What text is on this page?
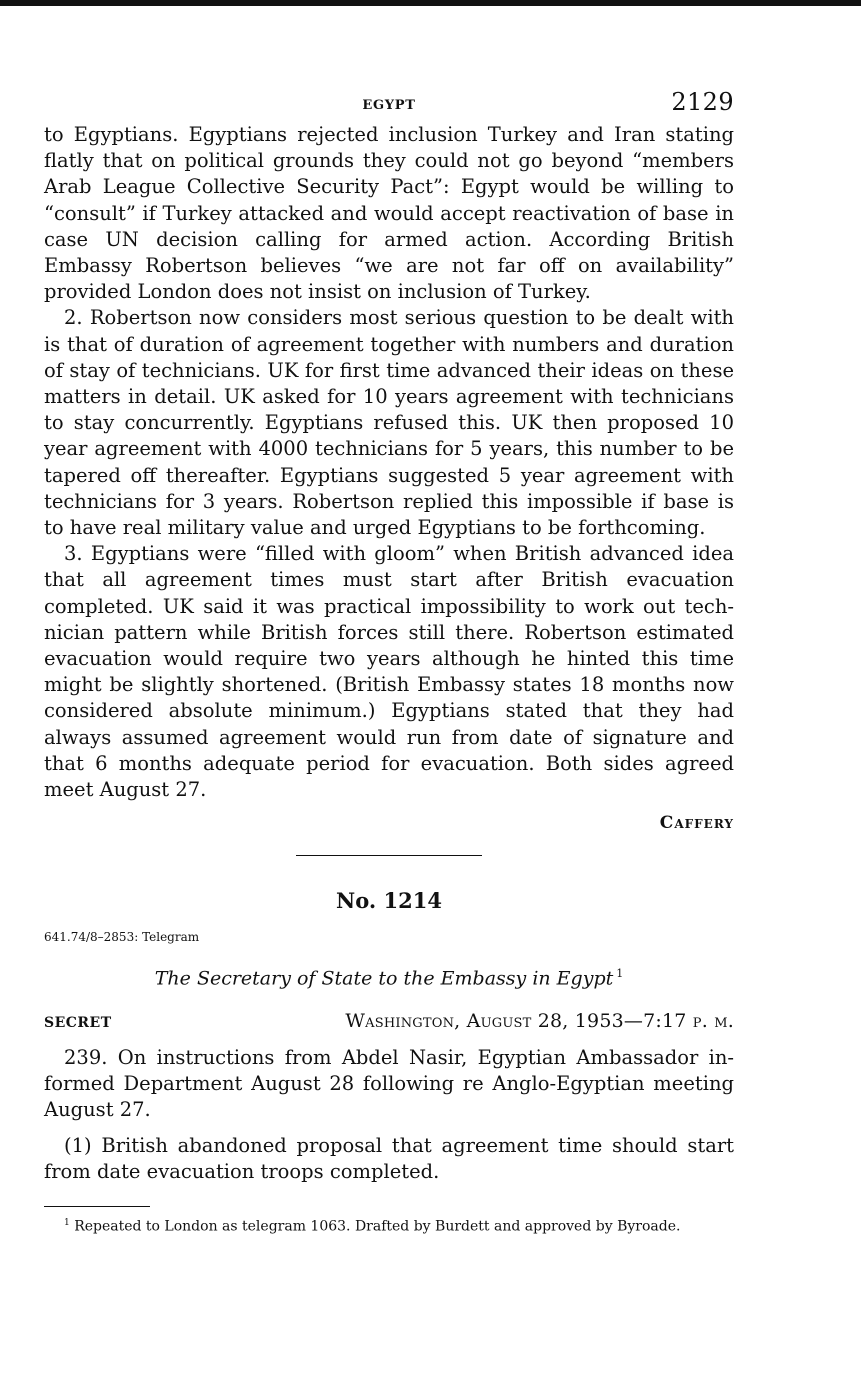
EGYPT	2129

to Egyptians. Egyptians rejected inclusion Turkey and Iran stating flatly that on political grounds they could not go beyond “members Arab League Collective Security Pact”: Egypt would be willing to “consult” if Turkey attacked and would accept reactivation of base in case UN decision calling for armed action. According British Embassy Robertson believes “we are not far off on availability” provided London does not insist on inclusion of Turkey.

2. Robertson now considers most serious question to be dealt with is that of duration of agreement together with numbers and duration of stay of technicians. UK for first time advanced their ideas on these matters in detail. UK asked for 10 years agreement with technicians to stay concurrently. Egyptians refused this. UK then proposed 10 year agreement with 4000 technicians for 5 years, this number to be tapered off thereafter. Egyptians suggested 5 year agreement with technicians for 3 years. Robertson replied this impossible if base is to have real military value and urged Egyptians to be forthcoming.

3. Egyptians were “filled with gloom” when British advanced idea that all agreement times must start after British evacuation completed. UK said it was practical impossibility to work out technician pattern while British forces still there. Robertson estimated evacuation would require two years although he hinted this time might be slightly shortened. (British Embassy states 18 months now considered absolute minimum.) Egyptians stated that they had always assumed agreement would run from date of signature and that 6 months adequate period for evacuation. Both sides agreed meet August 27.

Caffery
No. 1214
641.74/8–2853: Telegram
The Secretary of State to the Embassy in Egypt $^1$
SECRET	Washington, August 28, 1953—7:17 p. m.

239. On instructions from Abdel Nasir, Egyptian Ambassador informed Department August 28 following re Anglo-Egyptian meeting August 27.

(1) British abandoned proposal that agreement time should start from date evacuation troops completed.

$^1$ Repeated to London as telegram 1063. Drafted by Burdett and approved by Byroade.
